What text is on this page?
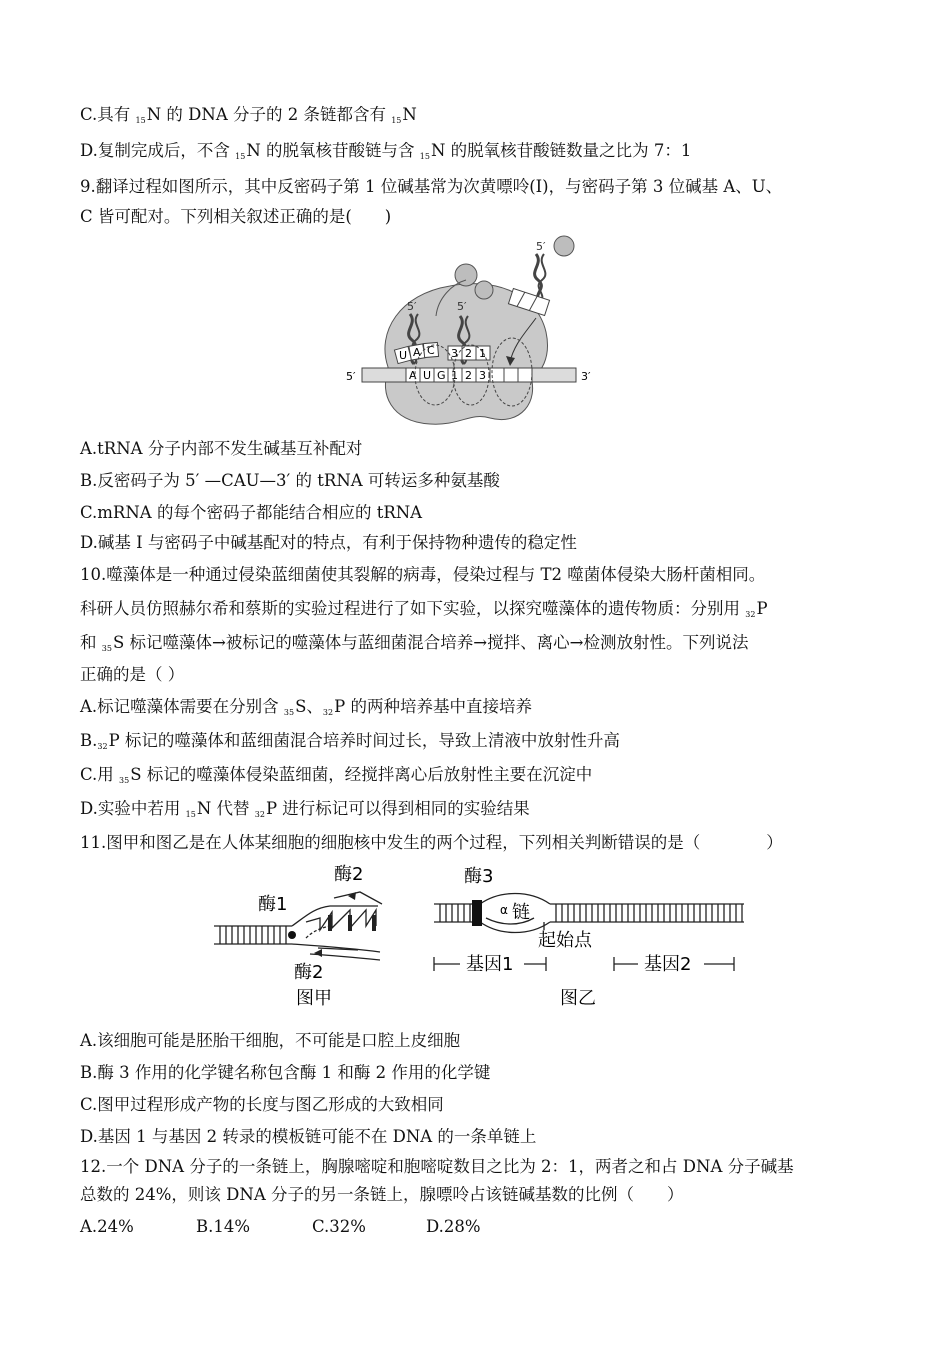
C.具有 $_{15}$N 的 DNA 分子的 2 条链都含有 $_{15}$N
D.复制完成后，不含 $_{15}$N 的脱氧核苷酸链与含 $_{15}$N 的脱氧核苷酸链数量之比为 7：1
9.翻译过程如图所示，其中反密码子第 1 位碱基常为次黄嘌呤(I)，与密码子第 3 位碱基 A、U、
C 皆可配对。下列相关叙述正确的是(　　)
5′	5′
5′
U A C 3 2 1
A U G 1 2 3
5′	3′
A.tRNA 分子内部不发生碱基互补配对
B.反密码子为 5′ —CAU—3′ 的 tRNA 可转运多种氨基酸
C.mRNA 的每个密码子都能结合相应的 tRNA
D.碱基 I 与密码子中碱基配对的特点，有利于保持物种遗传的稳定性
10.噬藻体是一种通过侵染蓝细菌使其裂解的病毒，侵染过程与 T2 噬菌体侵染大肠杆菌相同。
科研人员仿照赫尔希和蔡斯的实验过程进行了如下实验，以探究噬藻体的遗传物质：分别用 $_{32}$P
和 $_{35}$S 标记噬藻体→被标记的噬藻体与蓝细菌混合培养→搅拌、离心→检测放射性。下列说法
正确的是（ ）
A.标记噬藻体需要在分别含 $_{35}$S、$_{32}$P 的两种培养基中直接培养
$B._{32}P$ 标记的噬藻体和蓝细菌混合培养时间过长，导致上清液中放射性升高
C.用 $_{35}$S 标记的噬藻体侵染蓝细菌，经搅拌离心后放射性主要在沉淀中
D.实验中若用 $_{15}$N 代替 $_{32}$P 进行标记可以得到相同的实验结果
11.图甲和图乙是在人体某细胞的细胞核中发生的两个过程，下列相关判断错误的是（　　　　）
酶1
酶2
酶2
图甲
酶3
α 链
起始点
基因1	基因2
图乙
A.该细胞可能是胚胎干细胞，不可能是口腔上皮细胞
B.酶 3 作用的化学键名称包含酶 1 和酶 2 作用的化学键
C.图甲过程形成产物的长度与图乙形成的大致相同
D.基因 1 与基因 2 转录的模板链可能不在 DNA 的一条单链上
12.一个 DNA 分子的一条链上，胸腺嘧啶和胞嘧啶数目之比为 2：1，两者之和占 DNA 分子碱基
总数的 24%，则该 DNA 分子的另一条链上，腺嘌呤占该链碱基数的比例（　　）
A.24%	B.14%	C.32%	D.28%
